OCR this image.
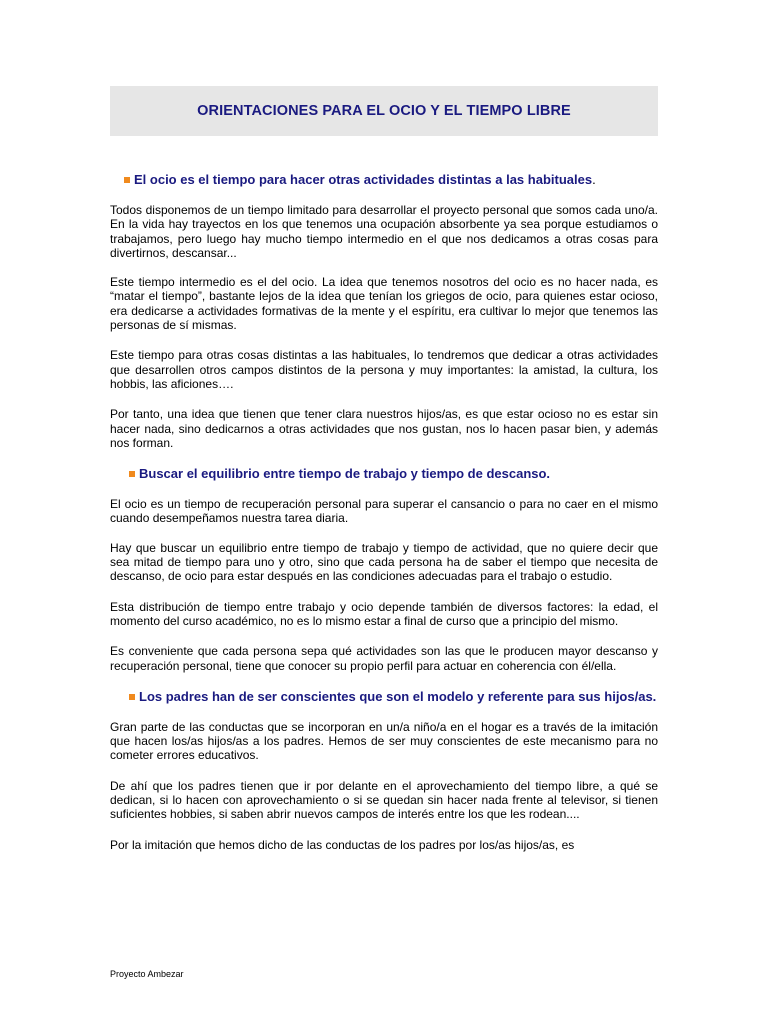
ORIENTACIONES PARA EL OCIO Y EL TIEMPO LIBRE
El ocio es el tiempo para hacer otras actividades distintas a las habituales.

Todos disponemos de un tiempo limitado para desarrollar el proyecto personal que somos cada uno/a. En la vida hay trayectos en los que tenemos una ocupación absorbente ya sea porque estudiamos o trabajamos, pero luego hay mucho tiempo intermedio en el que nos dedicamos a otras cosas para divertirnos, descansar...

Este tiempo intermedio es el del ocio. La idea que tenemos nosotros del ocio es no hacer nada, es “matar el tiempo”, bastante lejos de la idea que tenían los griegos de ocio, para quienes estar ocioso, era dedicarse a actividades formativas de la mente y el espíritu, era cultivar lo mejor que tenemos las personas de sí mismas.

Este tiempo para otras cosas distintas a las habituales, lo tendremos que dedicar a otras actividades que desarrollen otros campos distintos de la persona y muy importantes: la amistad, la cultura, los hobbis, las aficiones….

Por tanto, una idea que tienen que tener clara nuestros hijos/as, es que estar ocioso no es estar sin hacer nada, sino dedicarnos a otras actividades que nos gustan, nos lo hacen pasar bien, y además nos forman.

Buscar el equilibrio entre tiempo de trabajo y tiempo de descanso.

El ocio es un tiempo de recuperación personal para superar el cansancio o para no caer en el mismo cuando desempeñamos nuestra tarea diaria.

Hay que buscar un equilibrio entre tiempo de trabajo y tiempo de actividad, que no quiere decir que sea mitad de tiempo para uno y otro, sino que cada persona ha de saber el tiempo que necesita de descanso, de ocio para estar después en las condiciones adecuadas para el trabajo o estudio.

Esta distribución de tiempo entre trabajo y ocio depende también de diversos factores: la edad, el momento del curso académico, no es lo mismo estar a final de curso que a principio del mismo.

Es conveniente que cada persona sepa qué actividades son las que le producen mayor descanso y recuperación personal, tiene que conocer su propio perfil para actuar en coherencia con él/ella.

Los padres han de ser conscientes que son el modelo y referente para sus hijos/as.

Gran parte de las conductas que se incorporan en un/a niño/a en el hogar es a través de la imitación que hacen los/as hijos/as a los padres. Hemos de ser muy conscientes de este mecanismo para no cometer errores educativos.

De ahí que los padres tienen que ir por delante en el aprovechamiento del tiempo libre, a qué se dedican, si lo hacen con aprovechamiento o si se quedan sin hacer nada frente al televisor, si tienen suficientes hobbies, si saben abrir nuevos campos de interés entre los que les rodean....

Por la imitación que hemos dicho de las conductas de los padres por los/as hijos/as, es

Proyecto Ambezar
